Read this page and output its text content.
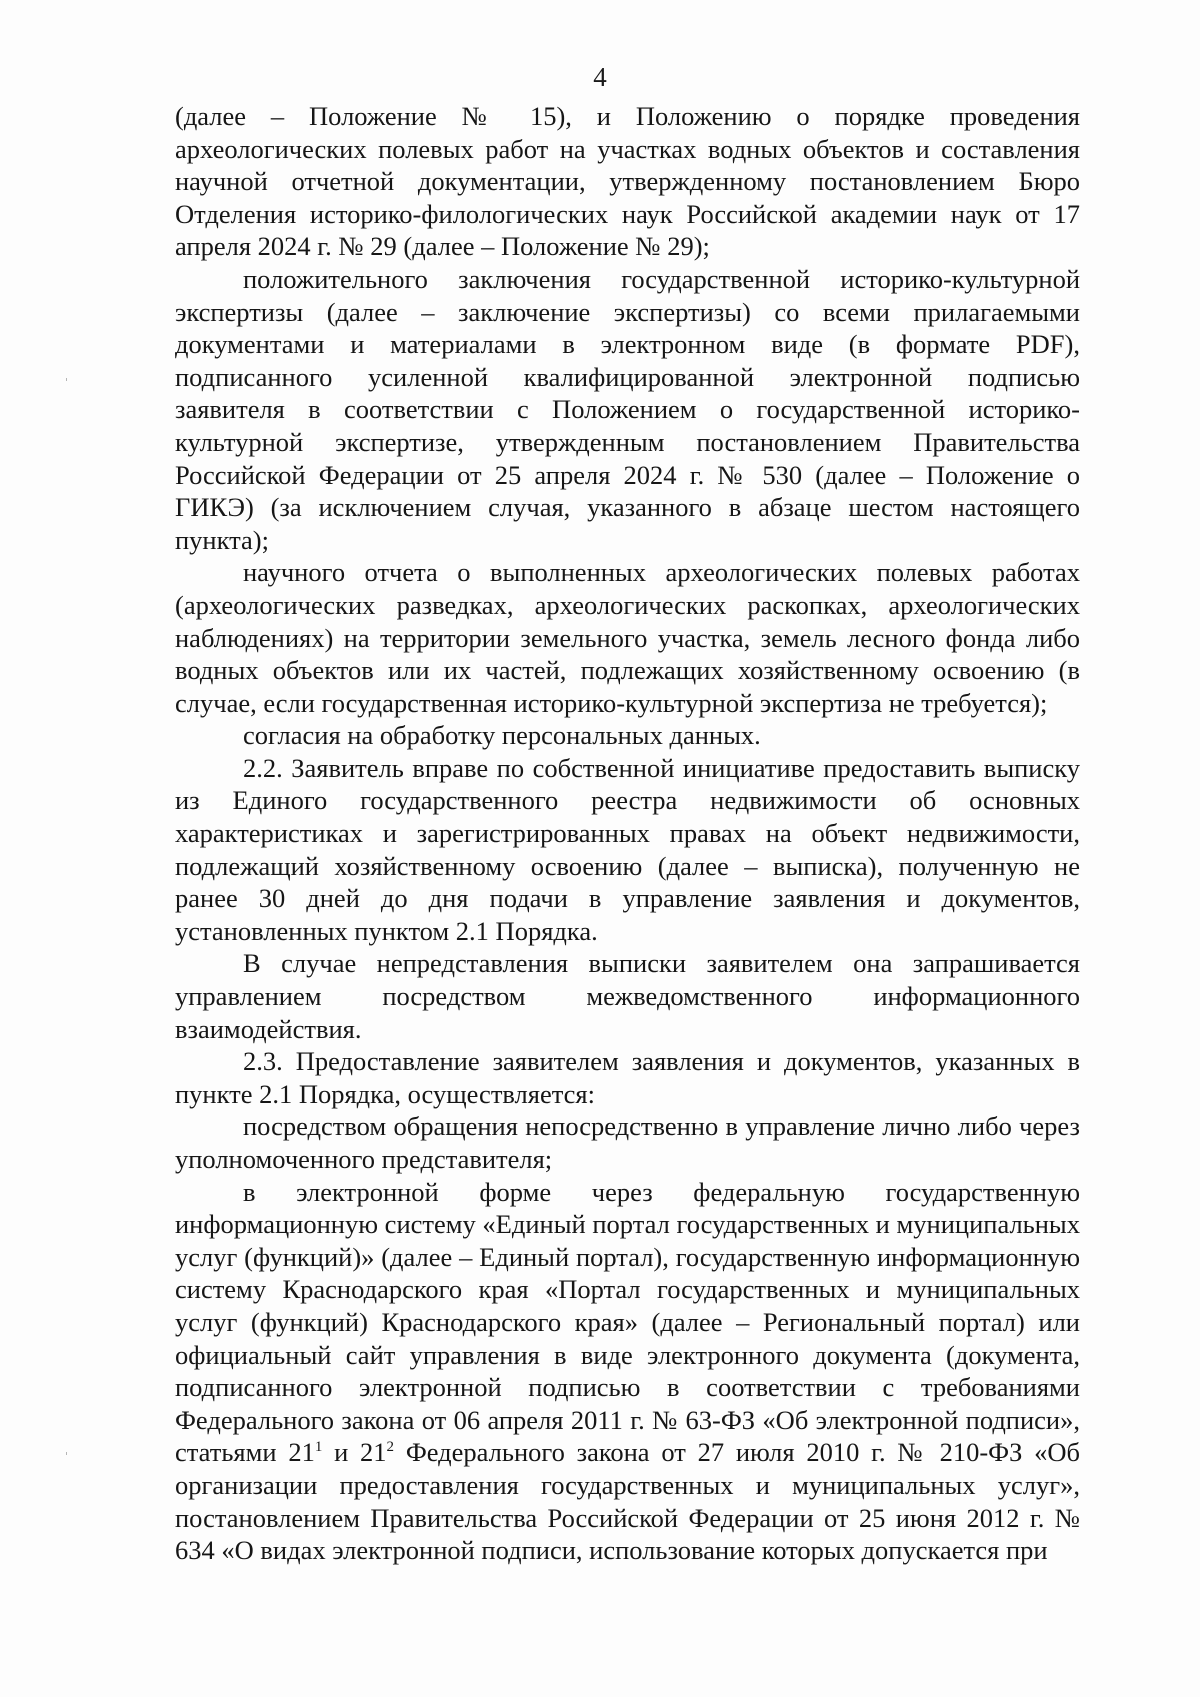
4

(далее – Положение № 15), и Положению о порядке проведения археологических полевых работ на участках водных объектов и составления научной отчетной документации, утвержденному постановлением Бюро Отделения историко-филологических наук Российской академии наук от 17 апреля 2024 г. № 29 (далее – Положение № 29);

положительного заключения государственной историко-культурной экспертизы (далее – заключение экспертизы) со всеми прилагаемыми документами и материалами в электронном виде (в формате PDF), подписанного усиленной квалифицированной электронной подписью заявителя в соответствии с Положением о государственной историко-культурной экспертизе, утвержденным постановлением Правительства Российской Федерации от 25 апреля 2024 г. № 530 (далее – Положение о ГИКЭ) (за исключением случая, указанного в абзаце шестом настоящего пункта);

научного отчета о выполненных археологических полевых работах (археологических разведках, археологических раскопках, археологических наблюдениях) на территории земельного участка, земель лесного фонда либо водных объектов или их частей, подлежащих хозяйственному освоению (в случае, если государственная историко-культурной экспертиза не требуется);

согласия на обработку персональных данных.

2.2. Заявитель вправе по собственной инициативе предоставить выписку из Единого государственного реестра недвижимости об основных характеристиках и зарегистрированных правах на объект недвижимости, подлежащий хозяйственному освоению (далее – выписка), полученную не ранее 30 дней до дня подачи в управление заявления и документов, установленных пунктом 2.1 Порядка.

В случае непредставления выписки заявителем она запрашивается управлением посредством межведомственного информационного взаимодействия.

2.3. Предоставление заявителем заявления и документов, указанных в пункте 2.1 Порядка, осуществляется:

посредством обращения непосредственно в управление лично либо через уполномоченного представителя;

в электронной форме через федеральную государственную информационную систему «Единый портал государственных и муниципальных услуг (функций)» (далее – Единый портал), государственную информационную систему Краснодарского края «Портал государственных и муниципальных услуг (функций) Краснодарского края» (далее – Региональный портал) или официальный сайт управления в виде электронного документа (документа, подписанного электронной подписью в соответствии с требованиями Федерального закона от 06 апреля 2011 г. № 63-ФЗ «Об электронной подписи», статьями $21^1$ и $21^2$ Федерального закона от 27 июля 2010 г. № 210-ФЗ «Об организации предоставления государственных и муниципальных услуг», постановлением Правительства Российской Федерации от 25 июня 2012 г. № 634 «О видах электронной подписи, использование которых допускается при
